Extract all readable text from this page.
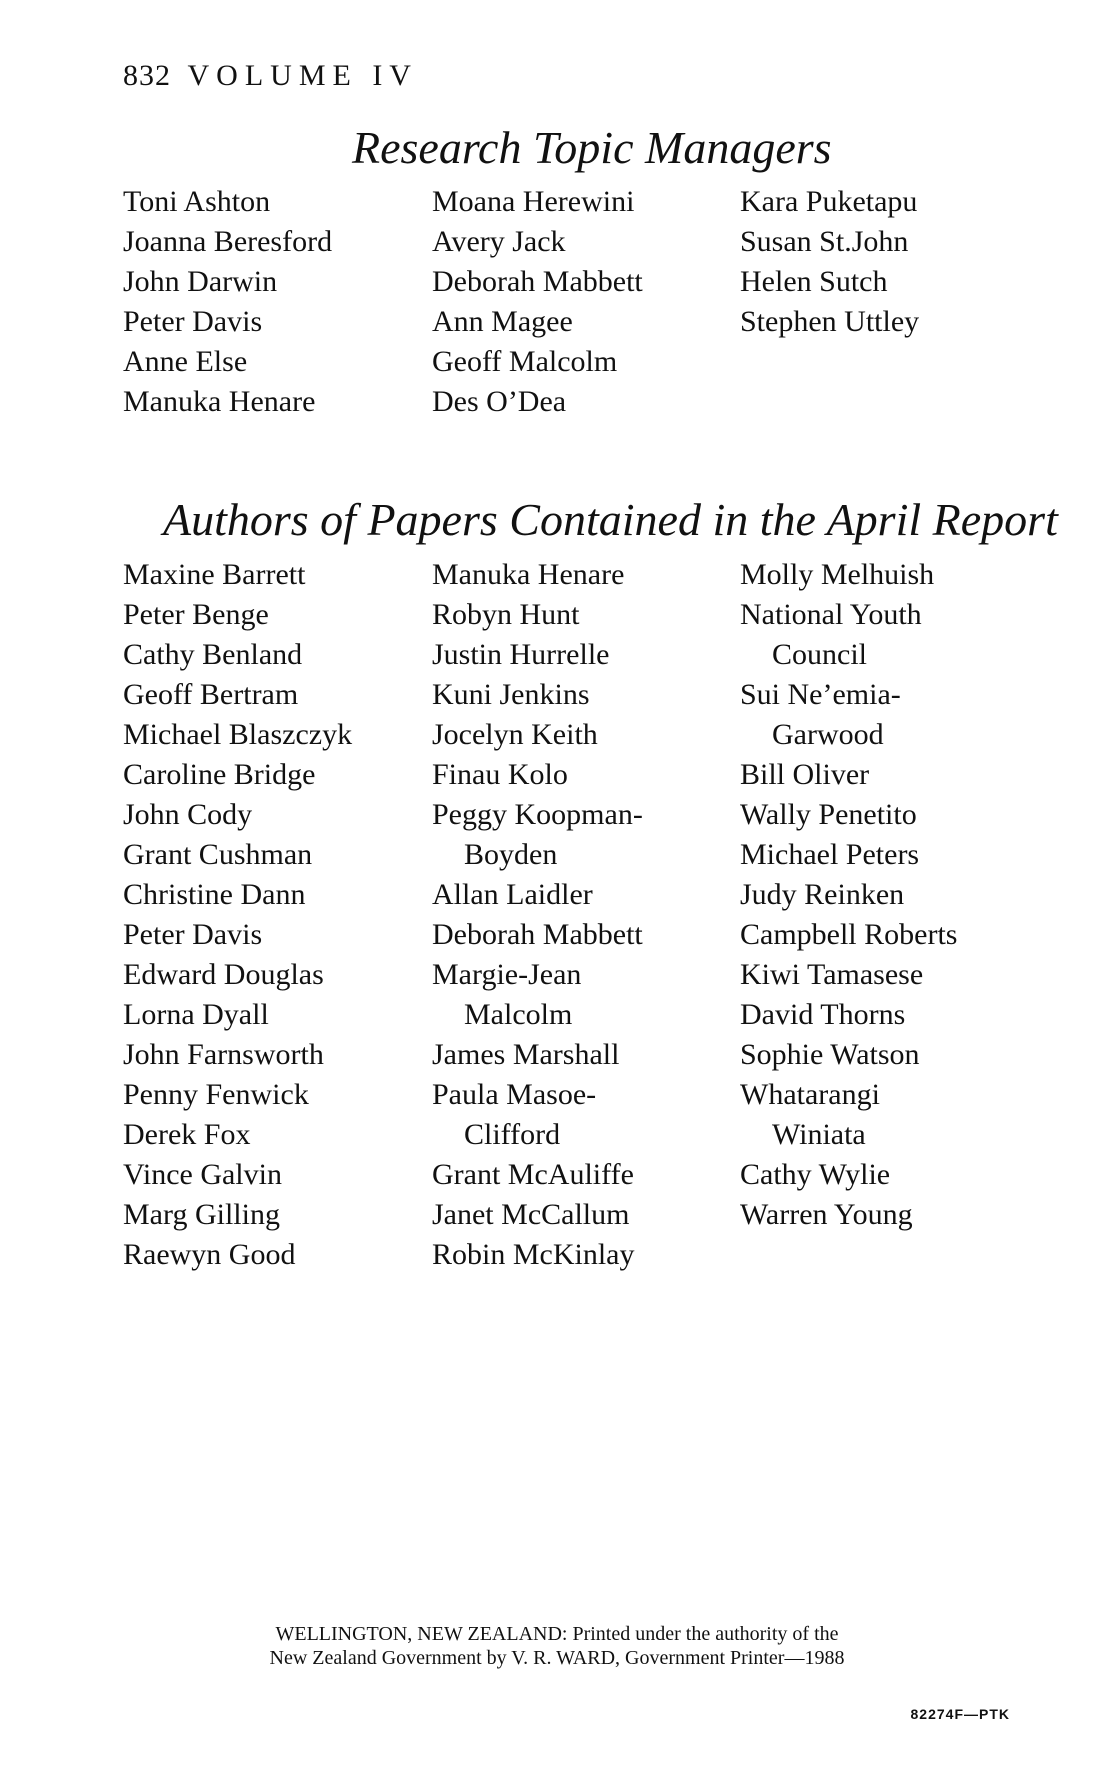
832 VOLUME IV
Research Topic Managers
Toni Ashton
Joanna Beresford
John Darwin
Peter Davis
Anne Else
Manuka Henare
Moana Herewini
Avery Jack
Deborah Mabbett
Ann Magee
Geoff Malcolm
Des O’Dea
Kara Puketapu
Susan St.John
Helen Sutch
Stephen Uttley
Authors of Papers Contained in the April Report
Maxine Barrett
Peter Benge
Cathy Benland
Geoff Bertram
Michael Blaszczyk
Caroline Bridge
John Cody
Grant Cushman
Christine Dann
Peter Davis
Edward Douglas
Lorna Dyall
John Farnsworth
Penny Fenwick
Derek Fox
Vince Galvin
Marg Gilling
Raewyn Good
Manuka Henare
Robyn Hunt
Justin Hurrelle
Kuni Jenkins
Jocelyn Keith
Finau Kolo
Peggy Koopman-
Boyden
Allan Laidler
Deborah Mabbett
Margie-Jean
Malcolm
James Marshall
Paula Masoe-
Clifford
Grant McAuliffe
Janet McCallum
Robin McKinlay
Molly Melhuish
National Youth
Council
Sui Ne’emia-
Garwood
Bill Oliver
Wally Penetito
Michael Peters
Judy Reinken
Campbell Roberts
Kiwi Tamasese
David Thorns
Sophie Watson
Whatarangi
Winiata
Cathy Wylie
Warren Young
WELLINGTON, NEW ZEALAND: Printed under the authority of the
New Zealand Government by V. R. WARD, Government Printer—1988
82274F—PTK
